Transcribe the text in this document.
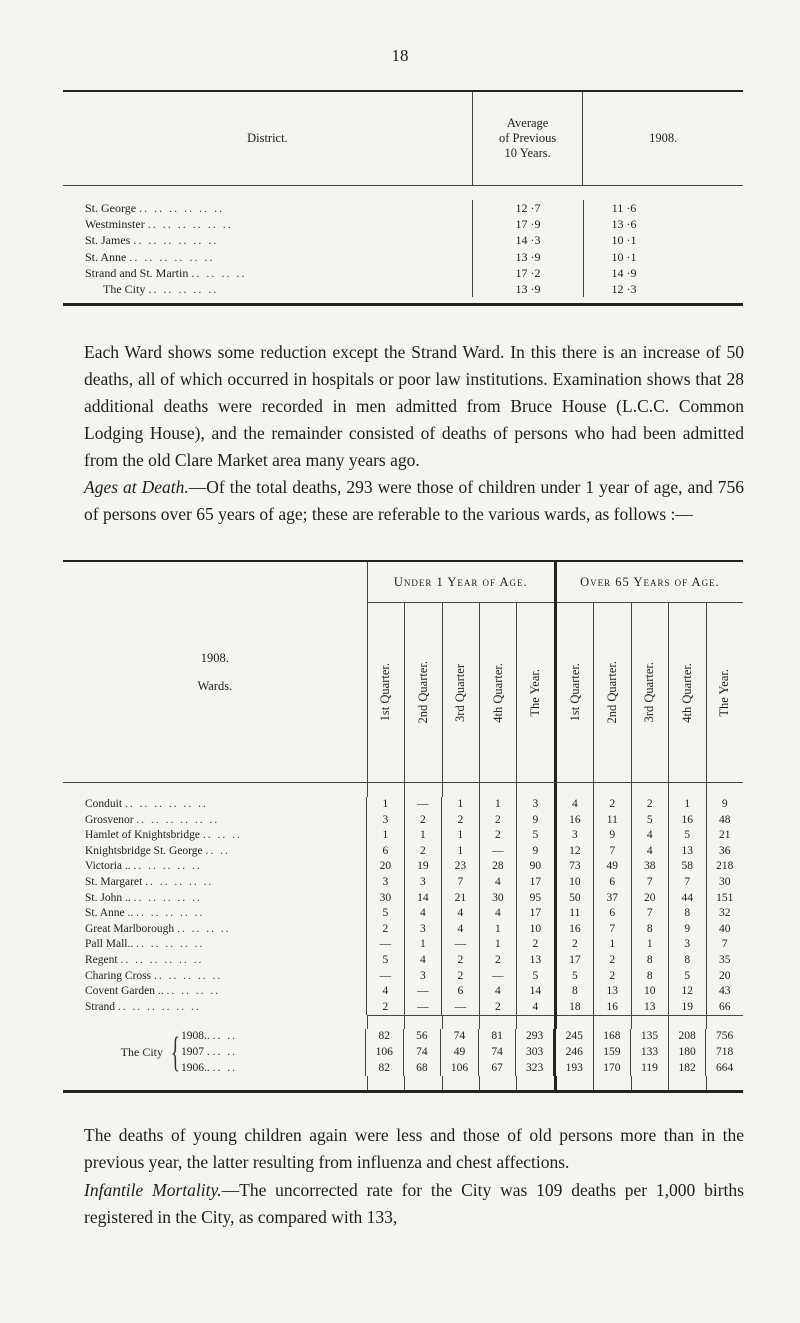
18
District.
Average
of Previous
10 Years.
1908.
St. George .. .. .. .. .. ..	12 ·7	11 ·6
Westminster .. .. .. .. .. ..	17 ·9	13 ·6
St. James .. .. .. .. .. ..	14 ·3	10 ·1
St. Anne .. .. .. .. .. ..	13 ·9	10 ·1
Strand and St. Martin .. .. .. ..	17 ·2	14 ·9
The City .. .. .. .. ..	13 ·9	12 ·3

Each Ward shows some reduction except the Strand Ward. In this there is an increase of 50 deaths, all of which occurred in hospitals or poor law institutions. Examination shows that 28 additional deaths were recorded in men admitted from Bruce House (L.C.C. Common Lodging House), and the remainder consisted of deaths of persons who had been admitted from the old Clare Market area many years ago.

Ages at Death.—Of the total deaths, 293 were those of children under 1 year of age, and 756 of persons over 65 years of age; these are referable to the various wards, as follows :—

1908.
Wards.
Under 1 Year of Age.
1st Quarter. 2nd Quarter. 3rd Quarter 4th Quarter. The Year.
Over 65 Years of Age.
1st Quarter. 2nd Quarter. 3rd Quarter. 4th Quarter. The Year.
Conduit .. .. .. .. .. ..	1	—	1	1	3	4	2	2	1	9
Grosvenor .. .. .. .. .. ..	3	2	2	2	9	16	11	5	16	48
Hamlet of Knightsbridge .. .. ..	1	1	1	2	5	3	9	4	5	21
Knightsbridge St. George .. ..	6	2	1	—	9	12	7	4	13	36
Victoria .. .. .. .. .. ..	20	19	23	28	90	73	49	38	58	218
St. Margaret .. .. .. .. ..	3	3	7	4	17	10	6	7	7	30
St. John .. .. .. .. .. ..	30	14	21	30	95	50	37	20	44	151
St. Anne .. .. .. .. .. ..	5	4	4	4	17	11	6	7	8	32
Great Marlborough .. .. .. ..	2	3	4	1	10	16	7	8	9	40
Pall Mall.. .. .. .. .. ..	—	1	—	1	2	2	1	1	3	7
Regent .. .. .. .. .. ..	5	4	2	2	13	17	2	8	8	35
Charing Cross .. .. .. .. ..	—	3	2	—	5	5	2	8	5	20
Covent Garden .. .. .. .. ..	4	—	6	4	14	8	13	10	12	43
Strand .. .. .. .. .. ..	2	—	—	2	4	18	16	13	19	66
The City { 1908.. .. ..
1907 . .. ..
1906.. .. ..
82	56	74	81	293	245	168	135	208	756
106	74	49	74	303	246	159	133	180	718
82	68	106	67	323	193	170	119	182	664

The deaths of young children again were less and those of old persons more than in the previous year, the latter resulting from influenza and chest affections.

Infantile Mortality.—The uncorrected rate for the City was 109 deaths per 1,000 births registered in the City, as compared with 133,
